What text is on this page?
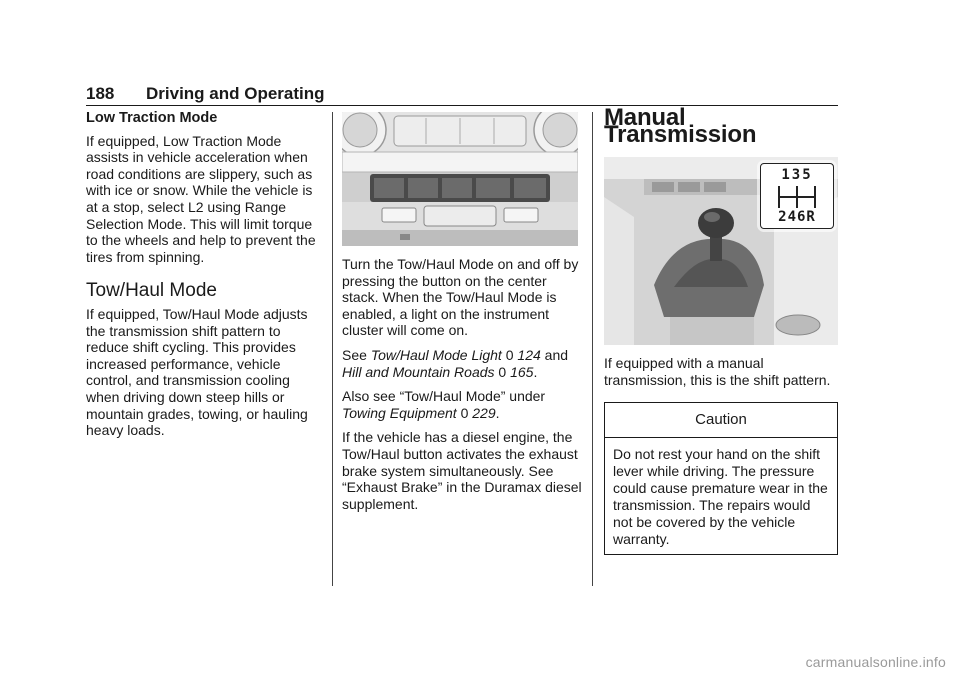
188 Driving and Operating
Low Traction Mode

If equipped, Low Traction Mode assists in vehicle acceleration when road conditions are slippery, such as with ice or snow. While the vehicle is at a stop, select L2 using Range Selection Mode. This will limit torque to the wheels and help to prevent the tires from spinning.

Tow/Haul Mode

If equipped, Tow/Haul Mode adjusts the transmission shift pattern to reduce shift cycling. This provides increased performance, vehicle control, and transmission cooling when driving down steep hills or mountain grades, towing, or hauling heavy loads.

Turn the Tow/Haul Mode on and off by pressing the button on the center stack. When the Tow/Haul Mode is enabled, a light on the instrument cluster will come on.

See Tow/Haul Mode Light 0 124 and Hill and Mountain Roads 0 165.

Also see “Tow/Haul Mode” under Towing Equipment 0 229.

If the vehicle has a diesel engine, the Tow/Haul button activates the exhaust brake system simultaneously. See “Exhaust Brake” in the Duramax diesel supplement.

Manual Transmission
135
246R

If equipped with a manual transmission, this is the shift pattern.

Caution
Do not rest your hand on the shift lever while driving. The pressure could cause premature wear in the transmission. The repairs would not be covered by the vehicle warranty.
carmanualsonline.info
